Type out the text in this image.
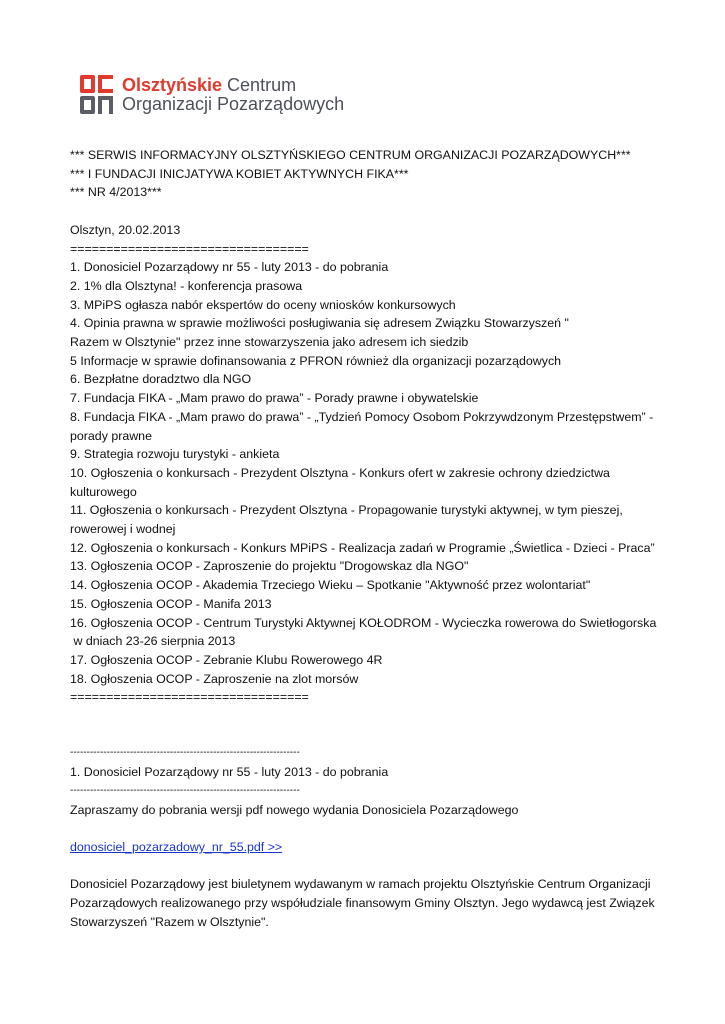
Olsztyńskie Centrum
Organizacji Pozarządowych
*** SERWIS INFORMACYJNY OLSZTYŃSKIEGO CENTRUM ORGANIZACJI POZARZĄDOWYCH***
*** I FUNDACJI INICJATYWA KOBIET AKTYWNYCH FIKA***
*** NR 4/2013***
Olsztyn, 20.02.2013
=================================
1. Donosiciel Pozarządowy nr 55 - luty 2013 - do pobrania
2. 1% dla Olsztyna! - konferencja prasowa
3. MPiPS ogłasza nabór ekspertów do oceny wniosków konkursowych
4. Opinia prawna w sprawie możliwości posługiwania się adresem Związku Stowarzyszeń "
Razem w Olsztynie" przez inne stowarzyszenia jako adresem ich siedzib
5 Informacje w sprawie dofinansowania z PFRON również dla organizacji pozarządowych
6. Bezpłatne doradztwo dla NGO
7. Fundacja FIKA - „Mam prawo do prawa” - Porady prawne i obywatelskie
8. Fundacja FIKA - „Mam prawo do prawa” - „Tydzień Pomocy Osobom Pokrzywdzonym Przestępstwem” -
porady prawne
9. Strategia rozwoju turystyki - ankieta
10. Ogłoszenia o konkursach - Prezydent Olsztyna - Konkurs ofert w zakresie ochrony dziedzictwa
kulturowego
11. Ogłoszenia o konkursach - Prezydent Olsztyna - Propagowanie turystyki aktywnej, w tym pieszej,
rowerowej i wodnej
12. Ogłoszenia o konkursach - Konkurs MPiPS - Realizacja zadań w Programie „Świetlica - Dzieci - Praca”
13. Ogłoszenia OCOP - Zaproszenie do projektu "Drogowskaz dla NGO"
14. Ogłoszenia OCOP - Akademia Trzeciego Wieku – Spotkanie "Aktywność przez wolontariat"
15. Ogłoszenia OCOP - Manifa 2013
16. Ogłoszenia OCOP - Centrum Turystyki Aktywnej KOŁODROM - Wycieczka rowerowa do Swietłogorska
w dniach 23-26 sierpnia 2013
17. Ogłoszenia OCOP - Zebranie Klubu Rowerowego 4R
18. Ogłoszenia OCOP - Zaproszenie na zlot morsów
=================================
---------------------------------------------------------------------
1. Donosiciel Pozarządowy nr 55 - luty 2013 - do pobrania
---------------------------------------------------------------------
Zapraszamy do pobrania wersji pdf nowego wydania Donosiciela Pozarządowego
donosiciel_pozarzadowy_nr_55.pdf >>
Donosiciel Pozarządowy jest biuletynem wydawanym w ramach projektu Olsztyńskie Centrum Organizacji Pozarządowych realizowanego przy współudziale finansowym Gminy Olsztyn. Jego wydawcą jest Związek Stowarzyszeń "Razem w Olsztynie".
